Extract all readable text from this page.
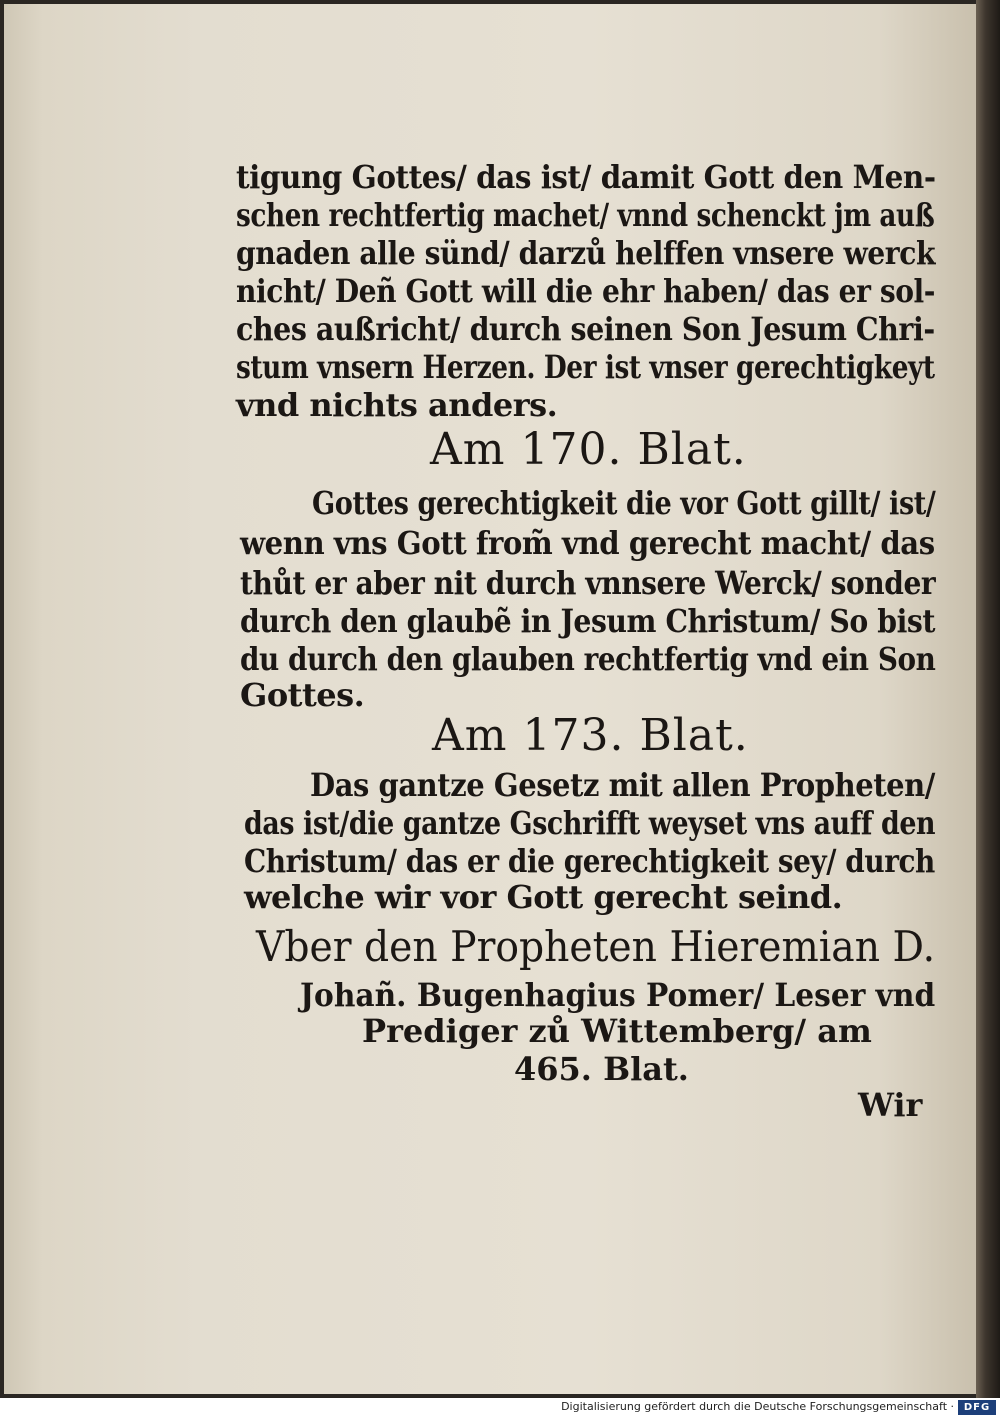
tigung Gottes/ das ist/ damit Gott den Men‑
schen rechtfertig machet/ vnnd schenckt jm auß
gnaden alle sünd/ darzů helffen vnsere werck
nicht/ Deñ Gott will die ehr haben/ das er sol‑
ches außricht/ durch seinen Son Jesum Chri‑
stum vnsern Herzen. Der ist vnser gerechtigkeyt
vnd nichts anders.
Am 170. Blat.
Gottes gerechtigkeit die vor Gott gillt/ ist/
wenn vns Gott from̃ vnd gerecht macht/ das
thůt er aber nit durch vnnsere Werck/ sonder
durch den glaubẽ in Jesum Christum/ So bist
du durch den glauben rechtfertig vnd ein Son
Gottes.
Am 173. Blat.
Das gantze Gesetz mit allen Propheten/
das ist/die gantze Gschrifft weyset vns auff den
Christum/ das er die gerechtigkeit sey/ durch
welche wir vor Gott gerecht seind.
Vber den Propheten Hieremian D.
Johañ. Bugenhagius Pomer/ Leser vnd
Prediger zů Wittemberg/ am
465. Blat.
Wir
Digitalisierung gefördert durch die Deutsche Forschungsgemeinschaft · DFG
